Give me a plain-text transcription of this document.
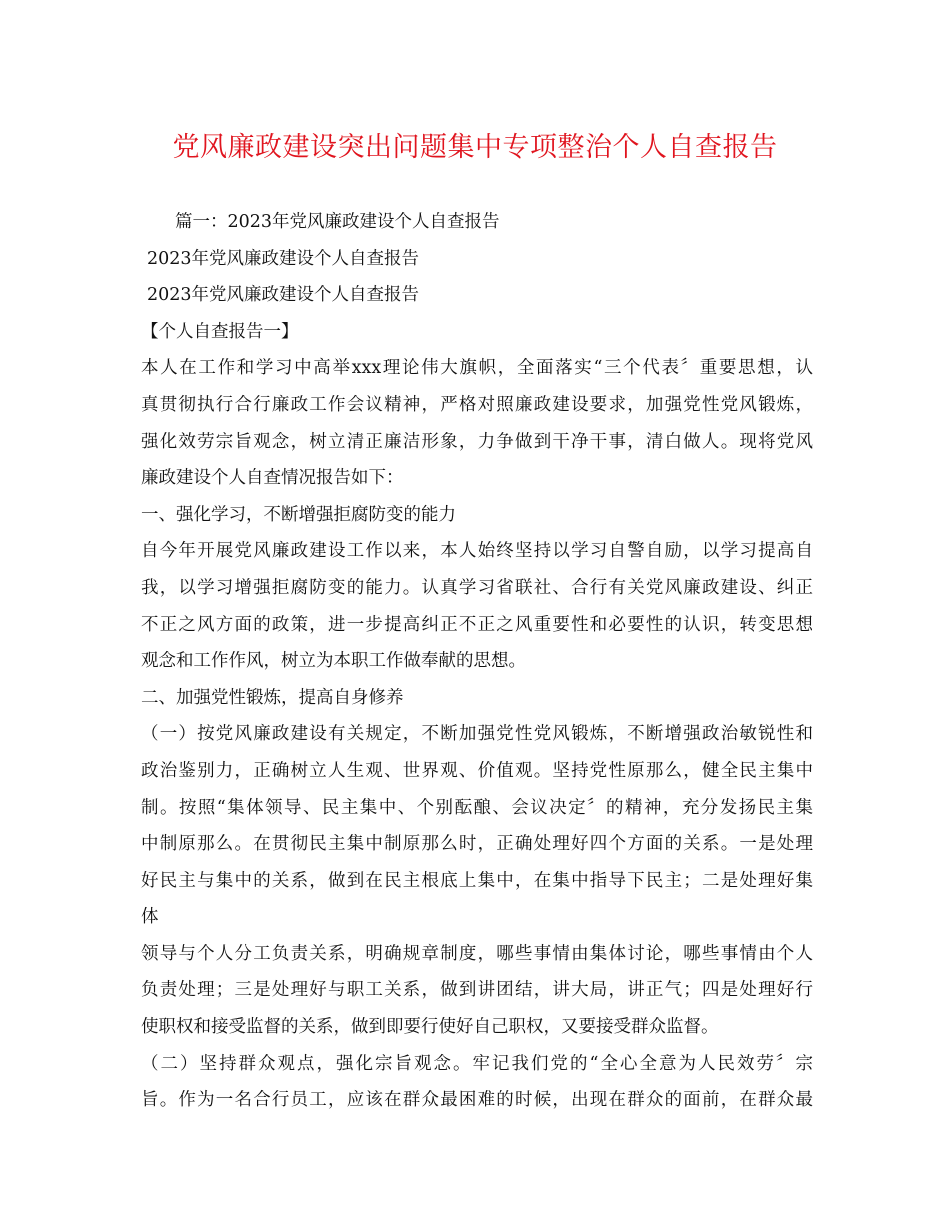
党风廉政建设突出问题集中专项整治个人自查报告
篇一：2023年党风廉政建设个人自查报告
2023年党风廉政建设个人自查报告
2023年党风廉政建设个人自查报告
【个人自查报告一】
本人在工作和学习中高举xxx理论伟大旗帜，全面落实“三个代表〞重要思想，认
真贯彻执行合行廉政工作会议精神，严格对照廉政建设要求，加强党性党风锻炼，
强化效劳宗旨观念，树立清正廉洁形象，力争做到干净干事，清白做人。现将党风
廉政建设个人自查情况报告如下：
一、强化学习，不断增强拒腐防变的能力
自今年开展党风廉政建设工作以来，本人始终坚持以学习自警自励，以学习提高自
我，以学习增强拒腐防变的能力。认真学习省联社、合行有关党风廉政建设、纠正
不正之风方面的政策，进一步提高纠正不正之风重要性和必要性的认识，转变思想
观念和工作作风，树立为本职工作做奉献的思想。
二、加强党性锻炼，提高自身修养
（一）按党风廉政建设有关规定，不断加强党性党风锻炼，不断增强政治敏锐性和
政治鉴别力，正确树立人生观、世界观、价值观。坚持党性原那么，健全民主集中
制。按照“集体领导、民主集中、个别酝酿、会议决定〞的精神，充分发扬民主集
中制原那么。在贯彻民主集中制原那么时，正确处理好四个方面的关系。一是处理
好民主与集中的关系，做到在民主根底上集中，在集中指导下民主；二是处理好集
体
领导与个人分工负责关系，明确规章制度，哪些事情由集体讨论，哪些事情由个人
负责处理；三是处理好与职工关系，做到讲团结，讲大局，讲正气；四是处理好行
使职权和接受监督的关系，做到即要行使好自己职权，又要接受群众监督。
（二）坚持群众观点，强化宗旨观念。牢记我们党的“全心全意为人民效劳〞宗
旨。作为一名合行员工，应该在群众最困难的时候，出现在群众的面前，在群众最
